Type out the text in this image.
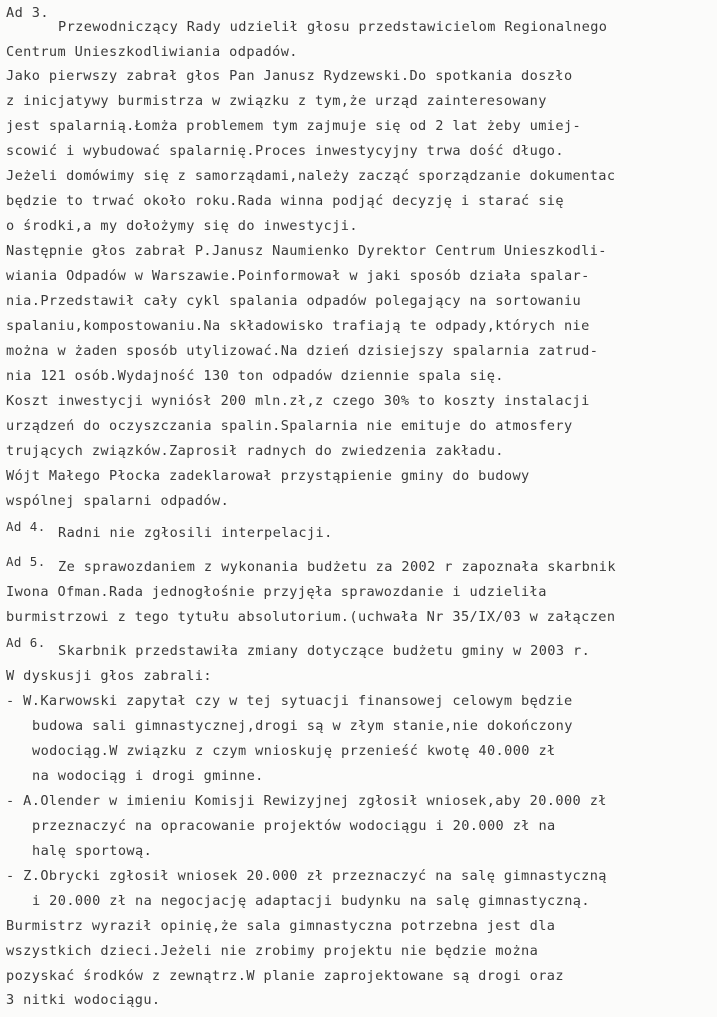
Ad 3.
Przewodniczący Rady udzielił głosu przedstawicielom Regionalnego
Centrum Unieszkodliwiania odpadów.
Jako pierwszy zabrał głos Pan Janusz Rydzewski.Do spotkania doszło
z inicjatywy burmistrza w związku z tym,że urząd zainteresowany
jest spalarnią.Łomża problemem tym zajmuje się od 2 lat żeby umiej-
scowić i wybudować spalarnię.Proces inwestycyjny trwa dość długo.
Jeżeli domówimy się z samorządami,należy zacząć sporządzanie dokumentac
będzie to trwać około roku.Rada winna podjąć decyzję i starać się
o środki,a my dołożymy się do inwestycji.
Następnie głos zabrał P.Janusz Naumienko Dyrektor Centrum Unieszkodli-
wiania Odpadów w Warszawie.Poinformował w jaki sposób działa spalar-
nia.Przedstawił cały cykl spalania odpadów polegający na sortowaniu
spalaniu,kompostowaniu.Na składowisko trafiają te odpady,których nie
można w żaden sposób utylizować.Na dzień dzisiejszy spalarnia zatrud-
nia 121 osób.Wydajność 130 ton odpadów dziennie spala się.
Koszt inwestycji wyniósł 200 mln.zł,z czego 30% to koszty instalacji
urządzeń do oczyszczania spalin.Spalarnia nie emituje do atmosfery
trujących związków.Zaprosił radnych do zwiedzenia zakładu.
Wójt Małego Płocka zadeklarował przystąpienie gminy do budowy
wspólnej spalarni odpadów.
Ad 4. Radni nie zgłosili interpelacji.
Ad 5. Ze sprawozdaniem z wykonania budżetu za 2002 r zapoznała skarbnik
Iwona Ofman.Rada jednogłośnie przyjęła sprawozdanie i udzieliła
burmistrzowi z tego tytułu absolutorium.(uchwała Nr 35/IX/03 w załączen
Ad 6.
Skarbnik przedstawiła zmiany dotyczące budżetu gminy w 2003 r.
W dyskusji głos zabrali:
- W.Karwowski zapytał czy w tej sytuacji finansowej celowym będzie
budowa sali gimnastycznej,drogi są w złym stanie,nie dokończony
wodociąg.W związku z czym wnioskuję przenieść kwotę 40.000 zł
na wodociąg i drogi gminne.
- A.Olender w imieniu Komisji Rewizyjnej zgłosił wniosek,aby 20.000 zł
przeznaczyć na opracowanie projektów wodociągu i 20.000 zł na
halę sportową.
- Z.Obrycki zgłosił wniosek 20.000 zł przeznaczyć na salę gimnastyczną
i 20.000 zł na negocjację adaptacji budynku na salę gimnastyczną.
Burmistrz wyraził opinię,że sala gimnastyczna potrzebna jest dla
wszystkich dzieci.Jeżeli nie zrobimy projektu nie będzie można
pozyskać środków z zewnątrz.W planie zaprojektowane są drogi oraz
3 nitki wodociągu.
